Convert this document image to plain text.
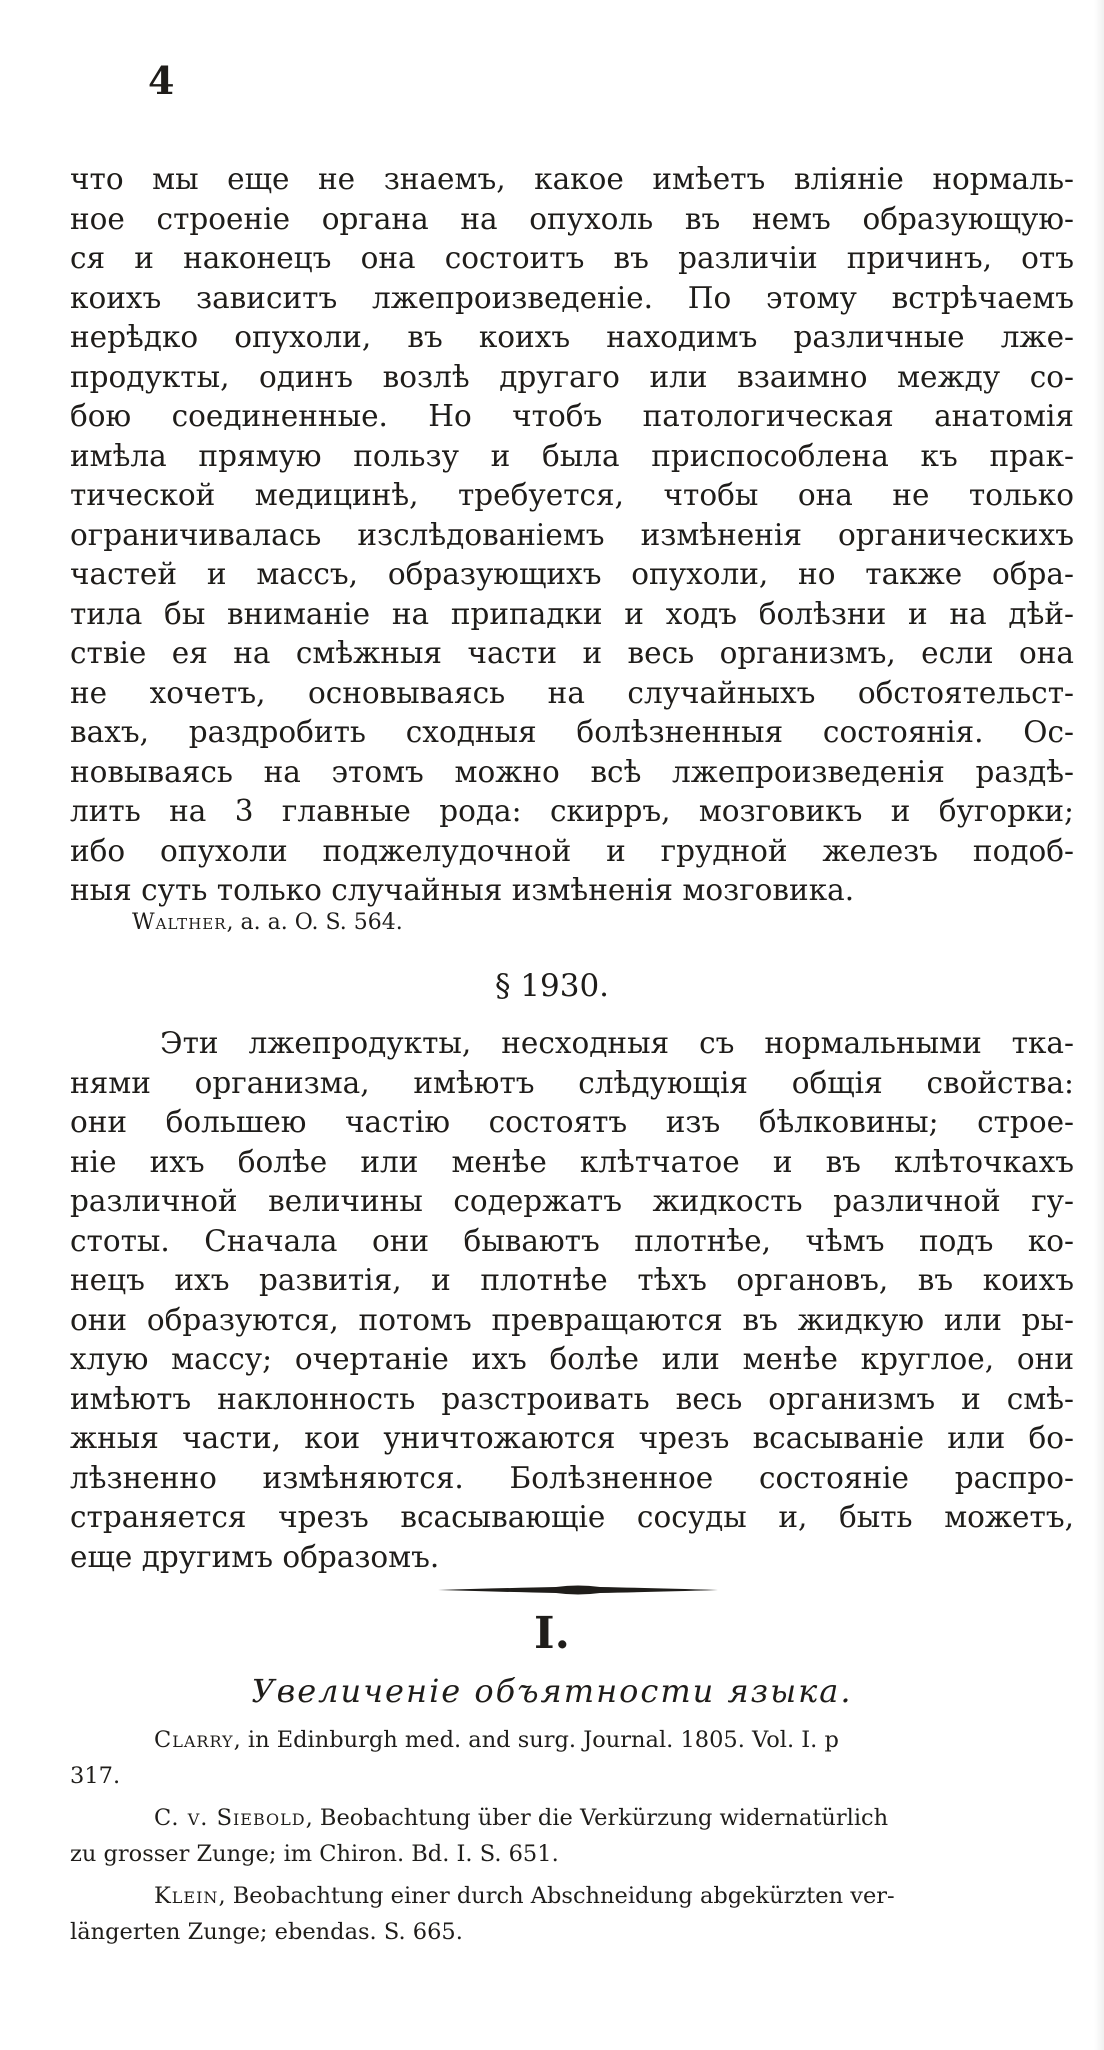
4

что мы еще не знаемъ, какое имѣетъ влiянie нормаль-
ное строенie органа на опухоль въ немъ образующую-
ся и наконецъ она состоитъ въ различiи причинъ, отъ
коихъ зависитъ лжепроизведенie. По этому встрѣчаемъ
нерѣдко опухоли, въ коихъ находимъ различные лже-
продукты, одинъ возлѣ другаго или взаимно между со-
бою соединенные. Но чтобъ патологическая анатомiя
имѣла прямую пользу и была приспособлена къ прак-
тической медицинѣ, требуется, чтобы она не только
ограничивалась изслѣдованiемъ измѣненiя органическихъ
частей и массъ, образующихъ опухоли, но также обра-
тила бы вниманie на припадки и ходъ болѣзни и на дѣй-
ствie ея на смѣжныя части и весь организмъ, если она
не хочетъ, основываясь на случайныхъ обстоятельст-
вахъ, раздробить сходныя болѣзненныя состоянiя. Ос-
новываясь на этомъ можно всѣ лжепроизведенiя раздѣ-
лить на 3 главные рода: скирръ, мозговикъ и бугорки;
ибо опухоли поджелудочной и грудной железъ подоб-
ныя суть только случайныя измѣненiя мозговика.

Walther, a. a. O. S. 564.
§ 1930.

Эти лжепродукты, несходныя съ нормальными тка-
нями организма, имѣютъ слѣдующiя общiя свойства:
они большею частiю состоятъ изъ бѣлковины; строе-
нie ихъ болѣе или менѣе клѣтчатое и въ клѣточкахъ
различной величины содержатъ жидкость различной гу-
стоты. Сначала они бываютъ плотнѣе, чѣмъ подъ ко-
нецъ ихъ развитiя, и плотнѣе тѣхъ органовъ, въ коихъ
они образуются, потомъ превращаются въ жидкую или ры-
хлую массу; очертанie ихъ болѣе или менѣе круглое, они
имѣютъ наклонность разстроивать весь организмъ и смѣ-
жныя части, кои уничтожаются чрезъ всасыванie или бо-
лѣзненно измѣняются. Болѣзненное состоянie распро-
страняется чрезъ всасывающie сосуды и, быть можетъ,
еще другимъ образомъ.

I.
Увеличенie объятности языка.
Clarry, in Edinburgh med. and surg. Journal. 1805. Vol. I. p
317.
C. v. Siebold, Beobachtung über die Verkürzung widernatürlich
zu grosser Zunge; im Chiron. Bd. I. S. 651.
Klein, Beobachtung einer durch Abschneidung abgekürzten ver-
längerten Zunge; ebendas. S. 665.
